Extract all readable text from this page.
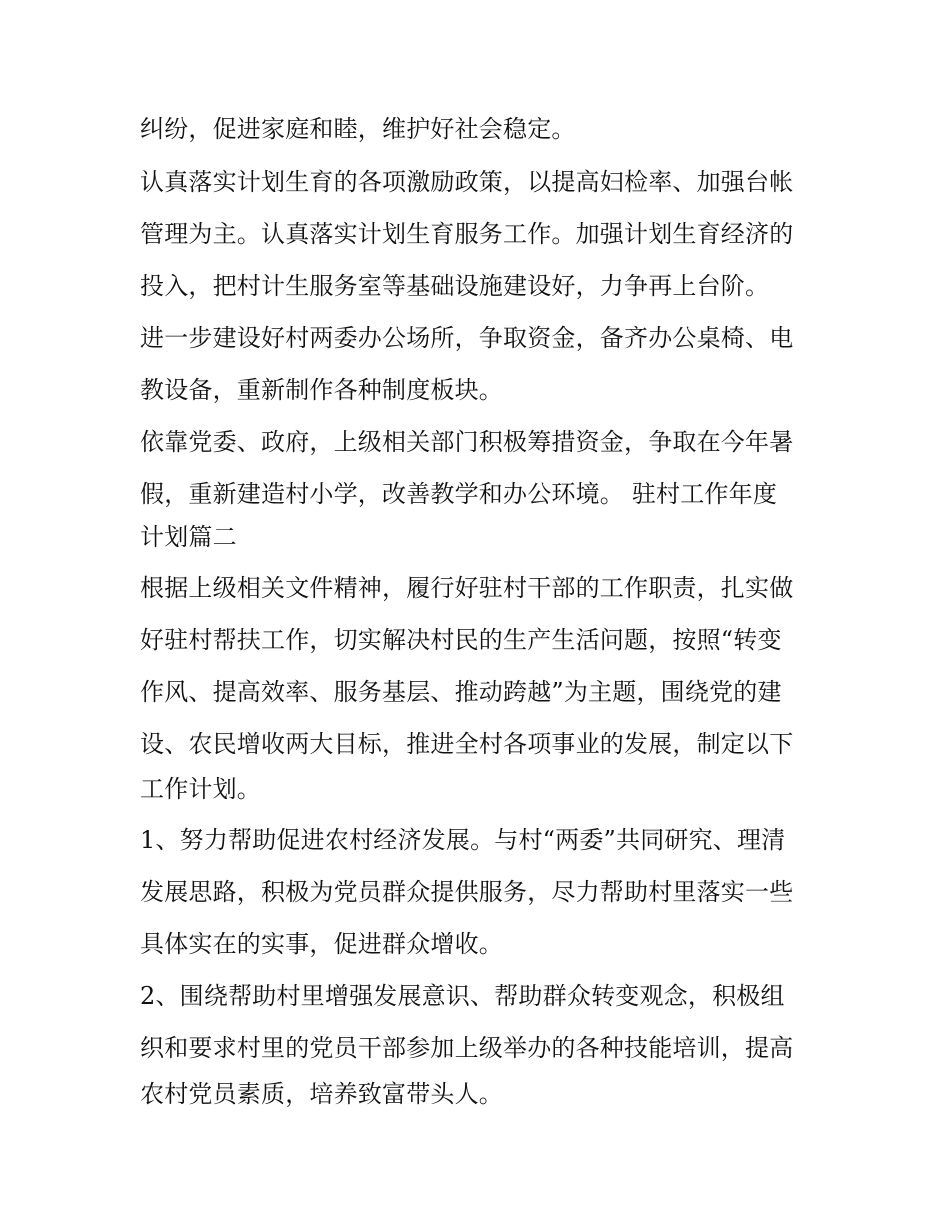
纠纷，促进家庭和睦，维护好社会稳定。

认真落实计划生育的各项激励政策，以提高妇检率、加强台帐

管理为主。认真落实计划生育服务工作。加强计划生育经济的

投入，把村计生服务室等基础设施建设好，力争再上台阶。

进一步建设好村两委办公场所，争取资金，备齐办公桌椅、电

教设备，重新制作各种制度板块。

依靠党委、政府，上级相关部门积极筹措资金，争取在今年暑

假，重新建造村小学，改善教学和办公环境。 驻村工作年度

计划篇二

根据上级相关文件精神，履行好驻村干部的工作职责，扎实做

好驻村帮扶工作，切实解决村民的生产生活问题，按照“转变

作风、提高效率、服务基层、推动跨越”为主题，围绕党的建

设、农民增收两大目标，推进全村各项事业的发展，制定以下

工作计划。

1、努力帮助促进农村经济发展。与村“两委”共同研究、理清

发展思路，积极为党员群众提供服务，尽力帮助村里落实一些

具体实在的实事，促进群众增收。

2、围绕帮助村里增强发展意识、帮助群众转变观念，积极组

织和要求村里的党员干部参加上级举办的各种技能培训，提高

农村党员素质，培养致富带头人。
